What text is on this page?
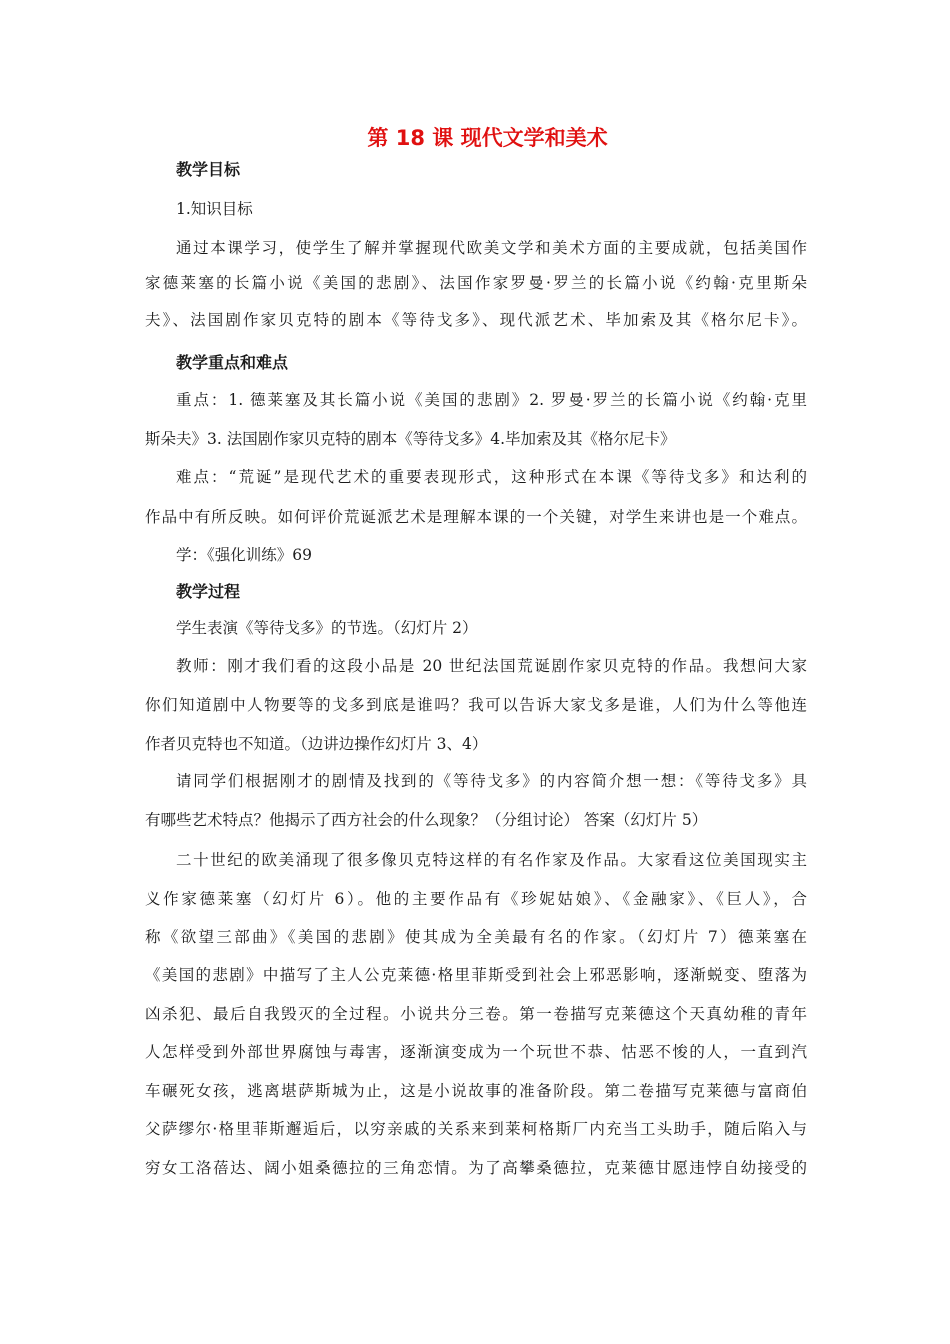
第 18 课 现代文学和美术
教学目标
1.知识目标
通过本课学习，使学生了解并掌握现代欧美文学和美术方面的主要成就，包括美国作
家德莱塞的长篇小说《美国的悲剧》、法国作家罗曼·罗兰的长篇小说《约翰·克里斯朵
夫》、法国剧作家贝克特的剧本《等待戈多》、现代派艺术、毕加索及其《格尔尼卡》。
教学重点和难点
重点：1. 德莱塞及其长篇小说《美国的悲剧》2. 罗曼·罗兰的长篇小说《约翰·克里
斯朵夫》3. 法国剧作家贝克特的剧本《等待戈多》4.毕加索及其《格尔尼卡》
难点：“荒诞”是现代艺术的重要表现形式，这种形式在本课《等待戈多》和达利的
作品中有所反映。如何评价荒诞派艺术是理解本课的一个关键，对学生来讲也是一个难点。
学：《强化训练》69
教学过程
学生表演《等待戈多》的节选。（幻灯片 2）
教师：刚才我们看的这段小品是 20 世纪法国荒诞剧作家贝克特的作品。我想问大家
你们知道剧中人物要等的戈多到底是谁吗？我可以告诉大家戈多是谁，人们为什么等他连
作者贝克特也不知道。（边讲边操作幻灯片 3、4）
请同学们根据刚才的剧情及找到的《等待戈多》的内容简介想一想：《等待戈多》具
有哪些艺术特点？他揭示了西方社会的什么现象？（分组讨论） 答案（幻灯片 5）
二十世纪的欧美涌现了很多像贝克特这样的有名作家及作品。大家看这位美国现实主
义作家德莱塞（幻灯片 6）。他的主要作品有《珍妮姑娘》、《金融家》、《巨人》，合
称《欲望三部曲》《美国的悲剧》使其成为全美最有名的作家。（幻灯片 7）德莱塞在
《美国的悲剧》中描写了主人公克莱德·格里菲斯受到社会上邪恶影响，逐渐蜕变、堕落为
凶杀犯、最后自我毁灭的全过程。小说共分三卷。第一卷描写克莱德这个天真幼稚的青年
人怎样受到外部世界腐蚀与毒害，逐渐演变成为一个玩世不恭、怙恶不悛的人，一直到汽
车碾死女孩，逃离堪萨斯城为止，这是小说故事的准备阶段。第二卷描写克莱德与富商伯
父萨缪尔·格里菲斯邂逅后，以穷亲戚的关系来到莱柯格斯厂内充当工头助手，随后陷入与
穷女工洛蓓达、阔小姐桑德拉的三角恋情。为了高攀桑德拉，克莱德甘愿违悖自幼接受的
